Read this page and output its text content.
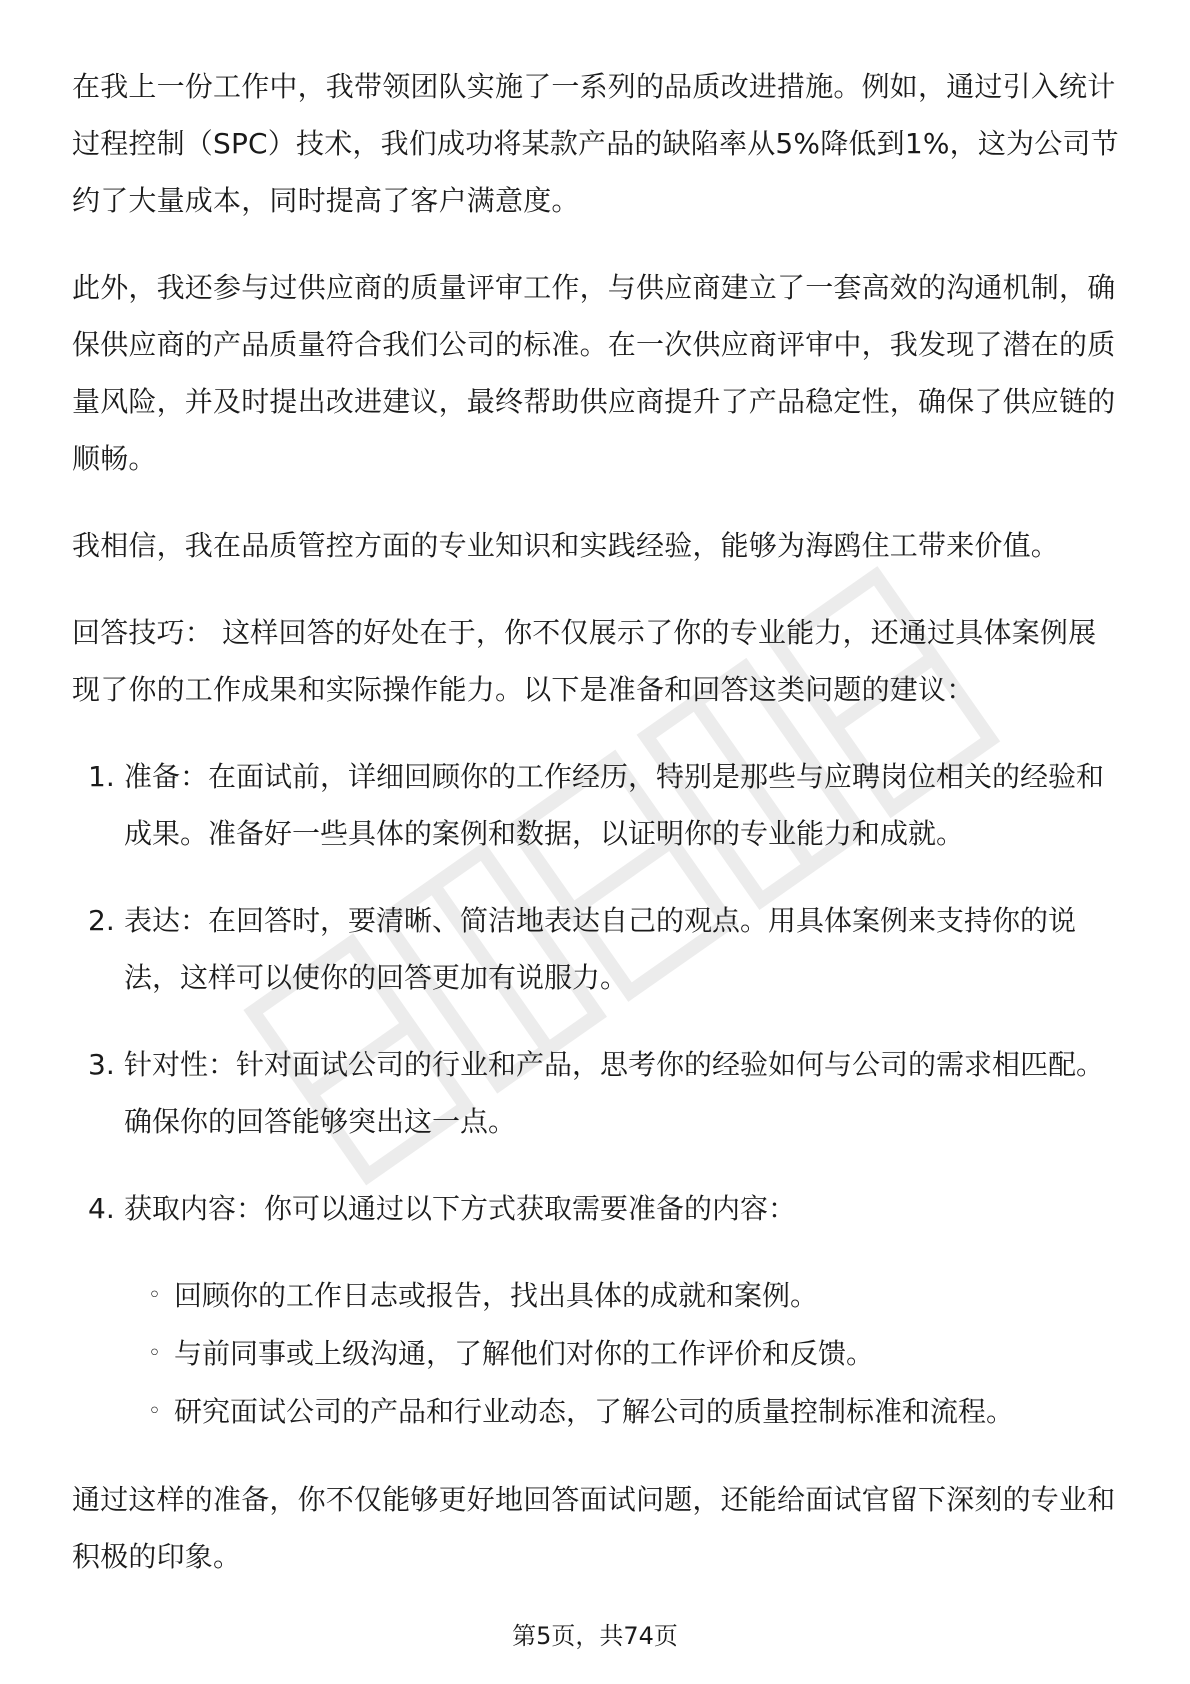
在我上一份工作中，我带领团队实施了一系列的品质改进措施。例如，通过引入统计过程控制（SPC）技术，我们成功将某款产品的缺陷率从5%降低到1%，这为公司节约了大量成本，同时提高了客户满意度。

此外，我还参与过供应商的质量评审工作，与供应商建立了一套高效的沟通机制，确保供应商的产品质量符合我们公司的标准。在一次供应商评审中，我发现了潜在的质量风险，并及时提出改进建议，最终帮助供应商提升了产品稳定性，确保了供应链的顺畅。

我相信，我在品质管控方面的专业知识和实践经验，能够为海鸥住工带来价值。

回答技巧： 这样回答的好处在于，你不仅展示了你的专业能力，还通过具体案例展现了你的工作成果和实际操作能力。以下是准备和回答这类问题的建议：

1. 准备：在面试前，详细回顾你的工作经历，特别是那些与应聘岗位相关的经验和成果。准备好一些具体的案例和数据，以证明你的专业能力和成就。
2. 表达：在回答时，要清晰、简洁地表达自己的观点。用具体案例来支持你的说法，这样可以使你的回答更加有说服力。
3. 针对性：针对面试公司的行业和产品，思考你的经验如何与公司的需求相匹配。确保你的回答能够突出这一点。
4. 获取内容：你可以通过以下方式获取需要准备的内容：
◦ 回顾你的工作日志或报告，找出具体的成就和案例。
◦ 与前同事或上级沟通，了解他们对你的工作评价和反馈。
◦ 研究面试公司的产品和行业动态，了解公司的质量控制标准和流程。

通过这样的准备，你不仅能够更好地回答面试问题，还能给面试官留下深刻的专业和积极的印象。

第5页，共74页
